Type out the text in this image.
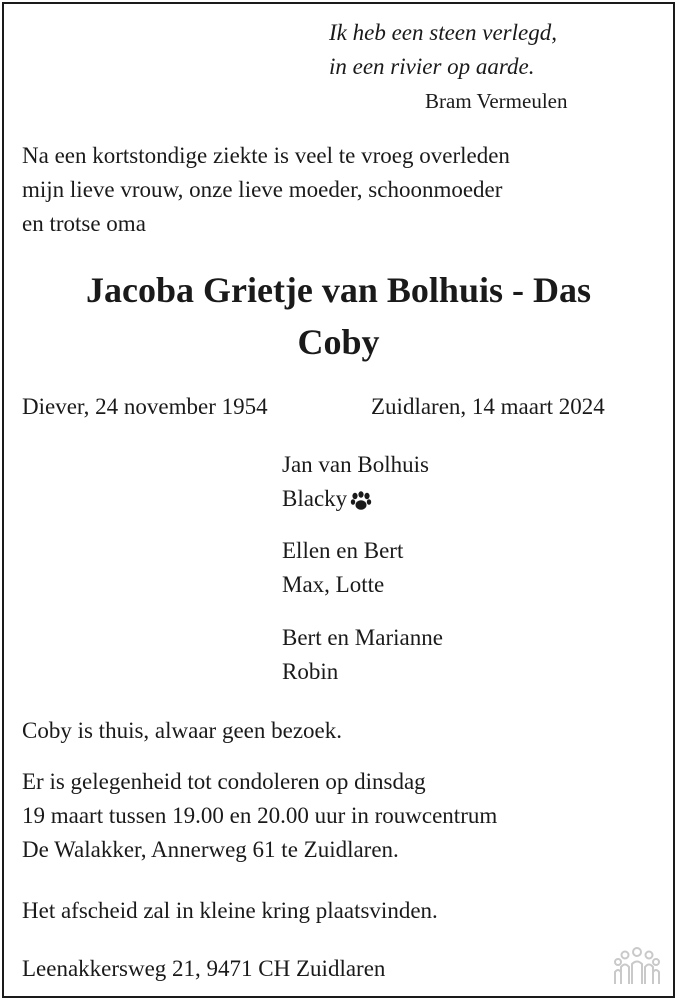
Ik heb een steen verlegd,
in een rivier op aarde.
Bram Vermeulen
Na een kortstondige ziekte is veel te vroeg overleden
mijn lieve vrouw, onze lieve moeder, schoonmoeder
en trotse oma
Jacoba Grietje van Bolhuis - Das
Coby
Diever, 24 november 1954	Zuidlaren, 14 maart 2024
Jan van Bolhuis
Blacky
Ellen en Bert
Max, Lotte
Bert en Marianne
Robin
Coby is thuis, alwaar geen bezoek.
Er is gelegenheid tot condoleren op dinsdag
19 maart tussen 19.00 en 20.00 uur in rouwcentrum
De Walakker, Annerweg 61 te Zuidlaren.
Het afscheid zal in kleine kring plaatsvinden.
Leenakkersweg 21, 9471 CH Zuidlaren
